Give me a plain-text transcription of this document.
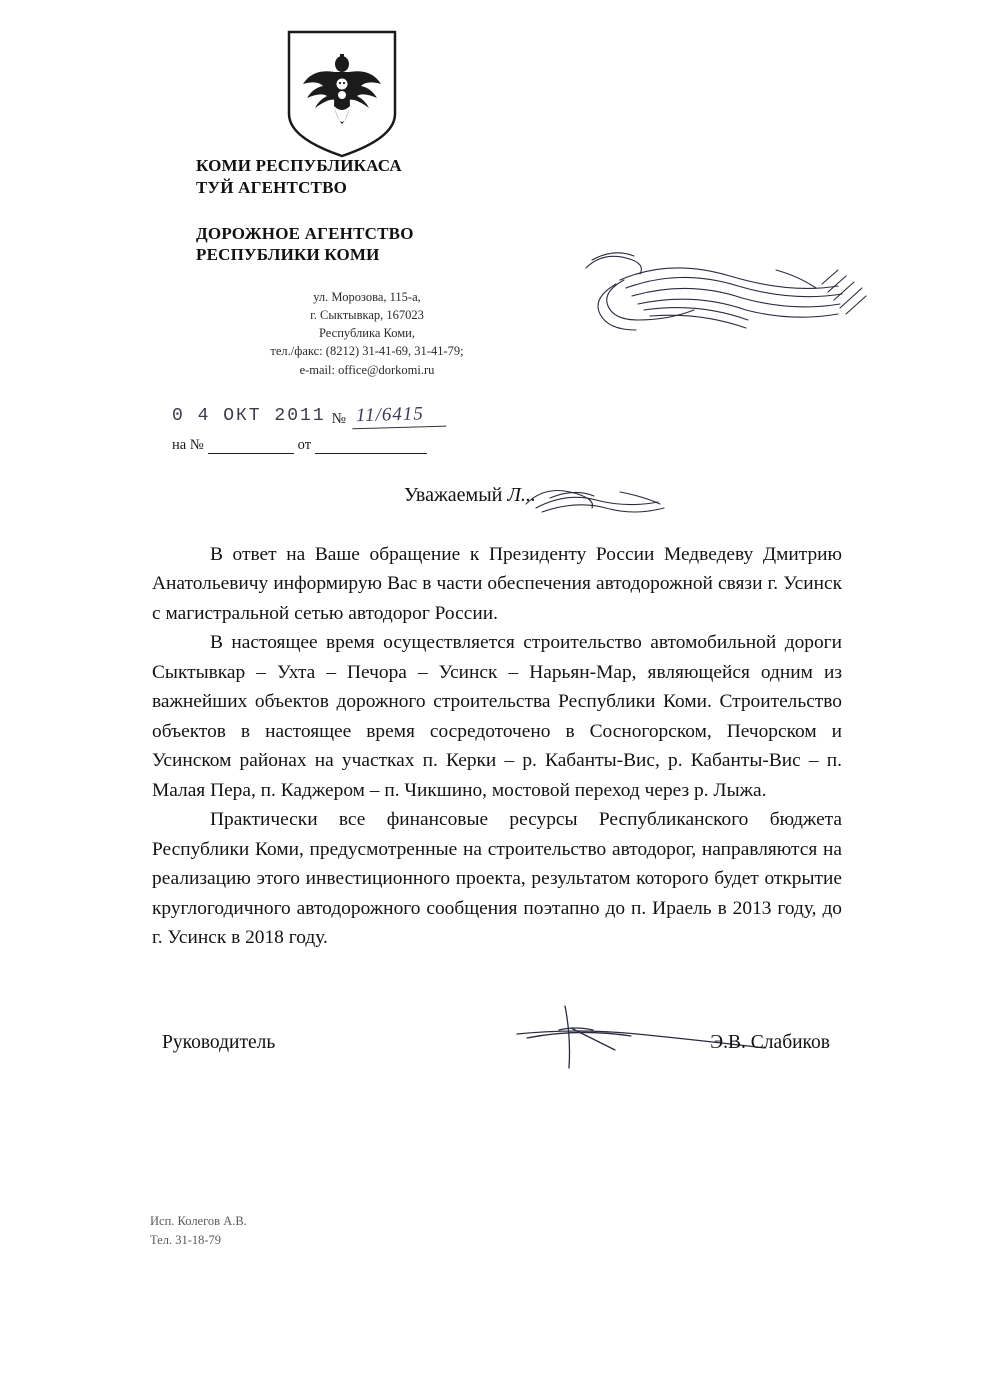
КОМИ РЕСПУБЛИКАСА
ТУЙ АГЕНТСТВО
ДОРОЖНОЕ АГЕНТСТВО
РЕСПУБЛИКИ КОМИ
ул. Морозова, 115-а,
г. Сыктывкар, 167023
Республика Коми,
тел./факс: (8212) 31-41-69, 31-41-79;
e-mail: office@dorkomi.ru
0 4 ОКТ 2011 № 11/6415
на №	от
Уважаемый Л...

В ответ на Ваше обращение к Президенту России Медведеву Дмитрию Анатольевичу информирую Вас в части обеспечения автодорожной связи г. Усинск с магистральной сетью автодорог России.

В настоящее время осуществляется строительство автомобильной дороги Сыктывкар – Ухта – Печора – Усинск – Нарьян-Мар, являющейся одним из важнейших объектов дорожного строительства Республики Коми. Строительство объектов в настоящее время сосредоточено в Сосногорском, Печорском и Усинском районах на участках п. Керки – р. Кабанты-Вис, р. Кабанты-Вис – п. Малая Пера, п. Каджером – п. Чикшино, мостовой переход через р. Лыжа.

Практически все финансовые ресурсы Республиканского бюджета Республики Коми, предусмотренные на строительство автодорог, направляются на реализацию этого инвестиционного проекта, результатом которого будет открытие круглогодичного автодорожного сообщения поэтапно до п. Ираель в 2013 году, до г. Усинск в 2018 году.

Руководитель	Э.В. Слабиков
Исп. Колегов А.В.
Тел. 31-18-79
